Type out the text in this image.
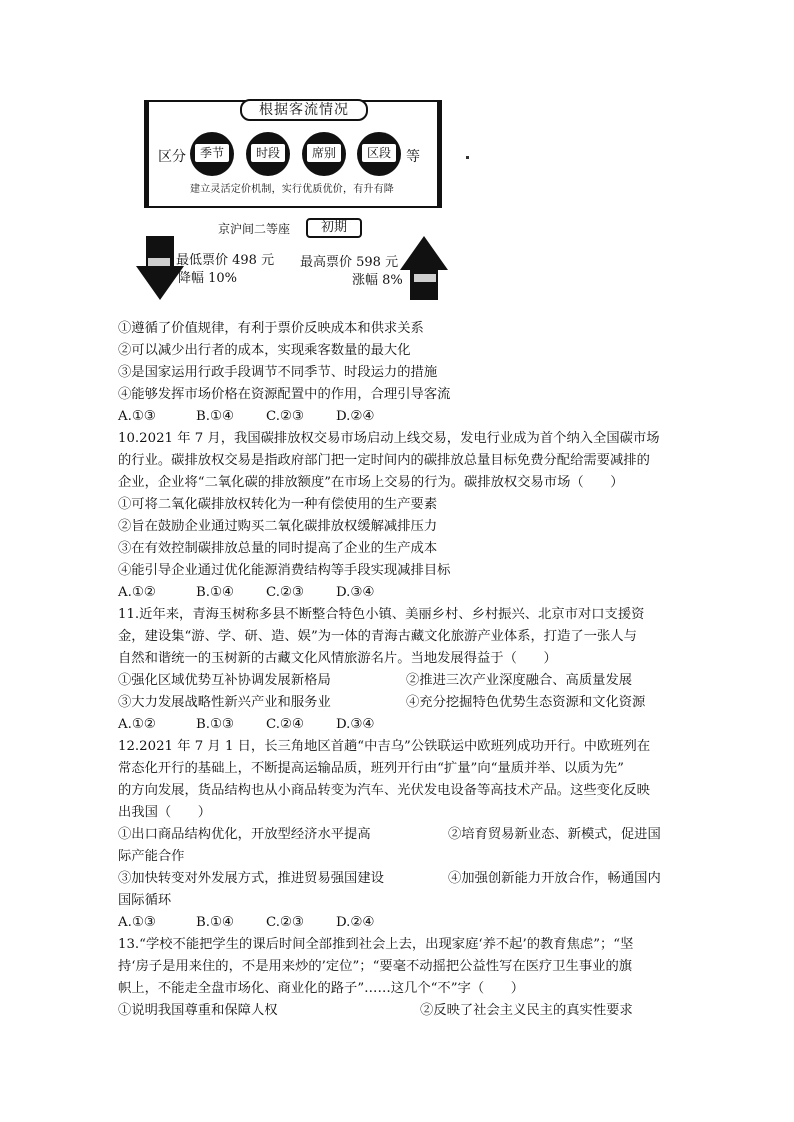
根据客流情况
区分	季节	时段	席别	区段	等
建立灵活定价机制，实行优质优价，有升有降
京沪间二等座	初期
最低票价 498 元
降幅 10%
最高票价 598 元
涨幅 8%
①遵循了价值规律，有利于票价反映成本和供求关系
②可以减少出行者的成本，实现乘客数量的最大化
③是国家运用行政手段调节不同季节、时段运力的措施
④能够发挥市场价格在资源配置中的作用，合理引导客流
A.①③	B.①④ C.②③ D.②④
10.2021 年 7 月，我国碳排放权交易市场启动上线交易，发电行业成为首个纳入全国碳市场
的行业。碳排放权交易是指政府部门把一定时间内的碳排放总量目标免费分配给需要减排的
企业，企业将“二氧化碳的排放额度”在市场上交易的行为。碳排放权交易市场（　　）
①可将二氧化碳排放权转化为一种有偿使用的生产要素
②旨在鼓励企业通过购买二氧化碳排放权缓解减排压力
③在有效控制碳排放总量的同时提高了企业的生产成本
④能引导企业通过优化能源消费结构等手段实现减排目标
A.①②	B.①④ C.②③ D.③④
11.近年来，青海玉树称多县不断整合特色小镇、美丽乡村、乡村振兴、北京市对口支援资
金，建设集“游、学、研、造、娱”为一体的青海古藏文化旅游产业体系，打造了一张人与
自然和谐统一的玉树新的古藏文化风情旅游名片。当地发展得益于（　　）
①强化区域优势互补协调发展新格局	②推进三次产业深度融合、高质量发展
③大力发展战略性新兴产业和服务业	④充分挖掘特色优势生态资源和文化资源
A.①②	B.①③ C.②④ D.③④
12.2021 年 7 月 1 日，长三角地区首趟“中吉乌”公铁联运中欧班列成功开行。中欧班列在
常态化开行的基础上，不断提高运输品质，班列开行由“扩量”向“量质并举、以质为先”
的方向发展，货品结构也从小商品转变为汽车、光伏发电设备等高技术产品。这些变化反映
出我国（　　）
①出口商品结构优化，开放型经济水平提高	②培育贸易新业态、新模式，促进国
际产能合作
③加快转变对外发展方式，推进贸易强国建设	④加强创新能力开放合作，畅通国内
国际循环
A.①③	B.①④ C.②③ D.②④
13.“学校不能把学生的课后时间全部推到社会上去，出现家庭‘养不起’的教育焦虑”；“坚
持‘房子是用来住的，不是用来炒的’定位”；“要毫不动摇把公益性写在医疗卫生事业的旗
帜上，不能走全盘市场化、商业化的路子”……这几个“不”字（　　）
①说明我国尊重和保障人权	②反映了社会主义民主的真实性要求
